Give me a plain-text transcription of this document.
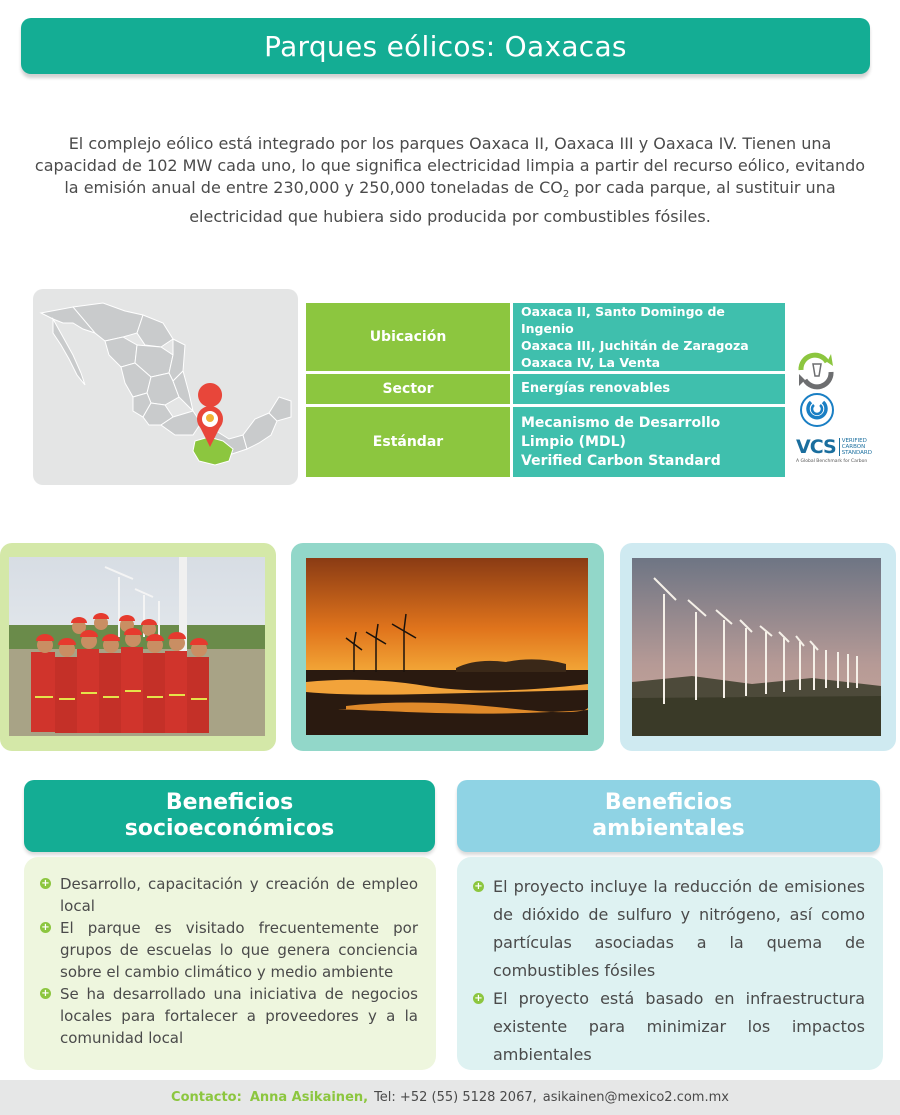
Parques eólicos: Oaxacas

El complejo eólico está integrado por los parques Oaxaca II, Oaxaca III y Oaxaca IV. Tienen una capacidad de 102 MW cada uno, lo que significa electricidad limpia a partir del recurso eólico, evitando la emisión anual de entre 230,000 y 250,000 toneladas de $CO_2$ por cada parque, al sustituir una electricidad que hubiera sido producida por combustibles fósiles.

Ubicación
Oaxaca II, Santo Domingo de Ingenio
Oaxaca III, Juchitán de Zaragoza
Oaxaca IV, La Venta
Sector	Energías renovables
Estándar
Mecanismo de Desarrollo Limpio (MDL)
Verified Carbon Standard
VCS VERIFIED
CARBON
STANDARD
A Global Benchmark for Carbon
Beneficios
socioeconómicos
Beneficios
ambientales
+ Desarrollo, capacitación y creación de empleo local
+ El parque es visitado frecuentemente por grupos de escuelas lo que genera conciencia sobre el cambio climático y medio ambiente
+ Se ha desarrollado una iniciativa de negocios locales para fortalecer a proveedores y a la comunidad local
+ El proyecto incluye la reducción de emisiones de dióxido de sulfuro y nitrógeno, así como partículas asociadas a la quema de combustibles fósiles
+ El proyecto está basado en infraestructura existente para minimizar los impactos ambientales
Contacto: Anna Asikainen, Tel: +52 (55) 5128 2067, asikainen@mexico2.com.mx
